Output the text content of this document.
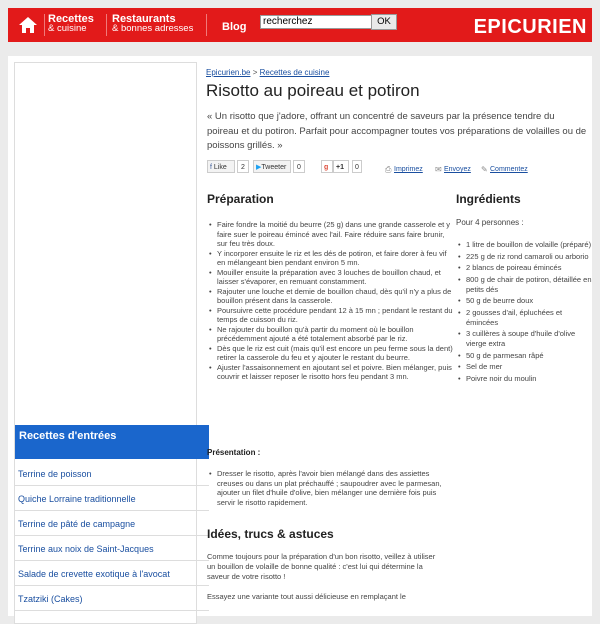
Recettes
& cuisine
Restaurants
& bonnes adresses	Blog	EPICURIEN
recherchez	OK
Recettes d'entrées
Terrine de poisson
Quiche Lorraine traditionnelle
Terrine de pâté de campagne
Terrine aux noix de Saint-Jacques
Salade de crevette exotique à l'avocat
Tzatziki (Cakes)
Epicurien.be > Recettes de cuisine
Risotto au poireau et potiron
« Un risotto que j'adore, offrant un concentré de saveurs par la présence tendre du poireau et du potiron. Parfait pour accompagner toutes vos préparations de volailles ou de poissons grillés. »
f Like	2	▶Tweeter	0	g	+1	0	⎙ Imprimez ✉ Envoyez ✎ Commentez
Préparation
• Faire fondre la moitié du beurre (25 g) dans une grande casserole et y faire suer le poireau émincé avec l'ail. Faire réduire sans faire brunir, sur feu très doux.
• Y incorporer ensuite le riz et les dés de potiron, et faire dorer à feu vif en mélangeant bien pendant environ 5 mn.
• Mouiller ensuite la préparation avec 3 louches de bouillon chaud, et laisser s'évaporer, en remuant constamment.
• Rajouter une louche et demie de bouillon chaud, dès qu'il n'y a plus de bouillon présent dans la casserole.
• Poursuivre cette procédure pendant 12 à 15 mn ; pendant le restant du temps de cuisson du riz.
• Ne rajouter du bouillon qu'à partir du moment où le bouillon précédemment ajouté a été totalement absorbé par le riz.
• Dès que le riz est cuit (mais qu'il est encore un peu ferme sous la dent) retirer la casserole du feu et y ajouter le restant du beurre.
• Ajuster l'assaisonnement en ajoutant sel et poivre. Bien mélanger, puis couvrir et laisser reposer le risotto hors feu pendant 3 mn.
Présentation :
• Dresser le risotto, après l'avoir bien mélangé dans des assiettes creuses ou dans un plat préchauffé ; saupoudrer avec le parmesan, ajouter un filet d'huile d'olive, bien mélanger une dernière fois puis servir le risotto rapidement.
Idées, trucs & astuces
Comme toujours pour la préparation d'un bon risotto, veillez à utiliser un bouillon de volaille de bonne qualité : c'est lui qui détermine la saveur de votre risotto !
Essayez une variante tout aussi délicieuse en remplaçant le
Ingrédients
Pour 4 personnes :
• 1 litre de bouillon de volaille (préparé)
• 225 g de riz rond camaroli ou arborio
• 2 blancs de poireau émincés
• 800 g de chair de potiron, détaillée en petits dés
• 50 g de beurre doux
• 2 gousses d'ail, épluchées et émincées
• 3 cuillères à soupe d'huile d'olive vierge extra
• 50 g de parmesan râpé
• Sel de mer
• Poivre noir du moulin
